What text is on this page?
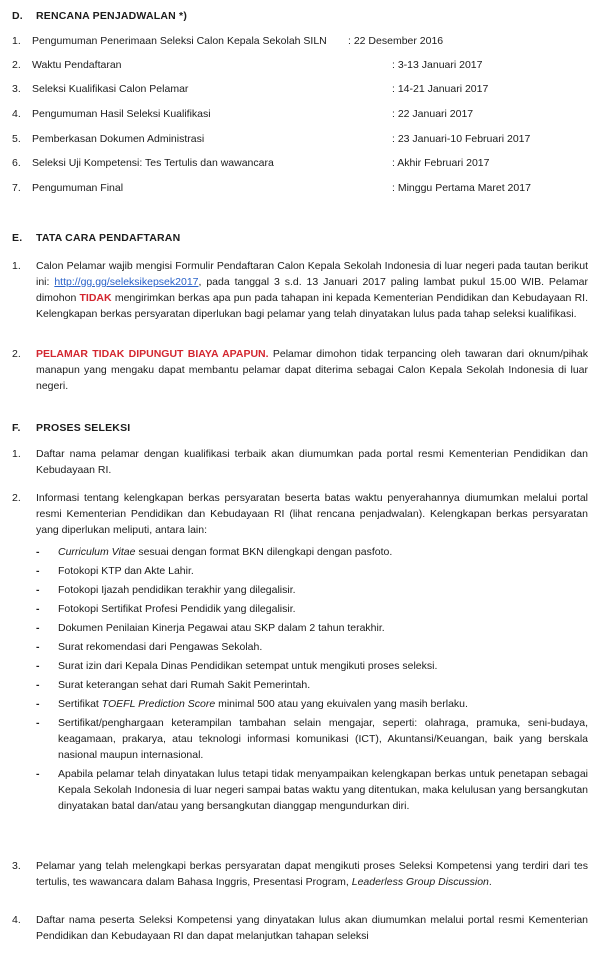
D. RENCANA PENJADWALAN *)
1.	Pengumuman Penerimaan Seleksi Calon Kepala Sekolah SILN : 22 Desember 2016
2.	Waktu Pendaftaran	: 3-13 Januari 2017
3.	Seleksi Kualifikasi Calon Pelamar	: 14-21 Januari 2017
4.	Pengumuman Hasil Seleksi Kualifikasi	: 22 Januari 2017
5.	Pemberkasan Dokumen Administrasi	: 23 Januari-10 Februari 2017
6.	Seleksi Uji Kompetensi: Tes Tertulis dan wawancara	: Akhir Februari 2017
7.	Pengumuman Final	: Minggu Pertama Maret 2017
E. TATA CARA PENDAFTARAN
1.	Calon Pelamar wajib mengisi Formulir Pendaftaran Calon Kepala Sekolah Indonesia di luar negeri pada tautan berikut ini: http://gg.gg/seleksikepsek2017, pada tanggal 3 s.d. 13 Januari 2017 paling lambat pukul 15.00 WIB. Pelamar dimohon TIDAK mengirimkan berkas apa pun pada tahapan ini kepada Kementerian Pendidikan dan Kebudayaan RI. Kelengkapan berkas persyaratan diperlukan bagi pelamar yang telah dinyatakan lulus pada tahap seleksi kualifikasi.
2.	PELAMAR TIDAK DIPUNGUT BIAYA APAPUN. Pelamar dimohon tidak terpancing oleh tawaran dari oknum/pihak manapun yang mengaku dapat membantu pelamar dapat diterima sebagai Calon Kepala Sekolah Indonesia di luar negeri.
F. PROSES SELEKSI
1.	Daftar nama pelamar dengan kualifikasi terbaik akan diumumkan pada portal resmi Kementerian Pendidikan dan Kebudayaan RI.
2.	Informasi tentang kelengkapan berkas persyaratan beserta batas waktu penyerahannya diumumkan melalui portal resmi Kementerian Pendidikan dan Kebudayaan RI (lihat rencana penjadwalan). Kelengkapan berkas persyaratan yang diperlukan meliputi, antara lain:
- Curriculum Vitae sesuai dengan format BKN dilengkapi dengan pasfoto.
- Fotokopi KTP dan Akte Lahir.
- Fotokopi Ijazah pendidikan terakhir yang dilegalisir.
- Fotokopi Sertifikat Profesi Pendidik yang dilegalisir.
- Dokumen Penilaian Kinerja Pegawai atau SKP dalam 2 tahun terakhir.
- Surat rekomendasi dari Pengawas Sekolah.
- Surat izin dari Kepala Dinas Pendidikan setempat untuk mengikuti proses seleksi.
- Surat keterangan sehat dari Rumah Sakit Pemerintah.
- Sertifikat TOEFL Prediction Score minimal 500 atau yang ekuivalen yang masih berlaku.
- Sertifikat/penghargaan keterampilan tambahan selain mengajar, seperti: olahraga, pramuka, seni-budaya, keagamaan, prakarya, atau teknologi informasi komunikasi (ICT), Akuntansi/Keuangan, baik yang berskala nasional maupun internasional.
- Apabila pelamar telah dinyatakan lulus tetapi tidak menyampaikan kelengkapan berkas untuk penetapan sebagai Kepala Sekolah Indonesia di luar negeri sampai batas waktu yang ditentukan, maka kelulusan yang bersangkutan dinyatakan batal dan/atau yang bersangkutan dianggap mengundurkan diri.
3.	Pelamar yang telah melengkapi berkas persyaratan dapat mengikuti proses Seleksi Kompetensi yang terdiri dari tes tertulis, tes wawancara dalam Bahasa Inggris, Presentasi Program, Leaderless Group Discussion.
4.	Daftar nama peserta Seleksi Kompetensi yang dinyatakan lulus akan diumumkan melalui portal resmi Kementerian Pendidikan dan Kebudayaan RI dan dapat melanjutkan tahapan seleksi
